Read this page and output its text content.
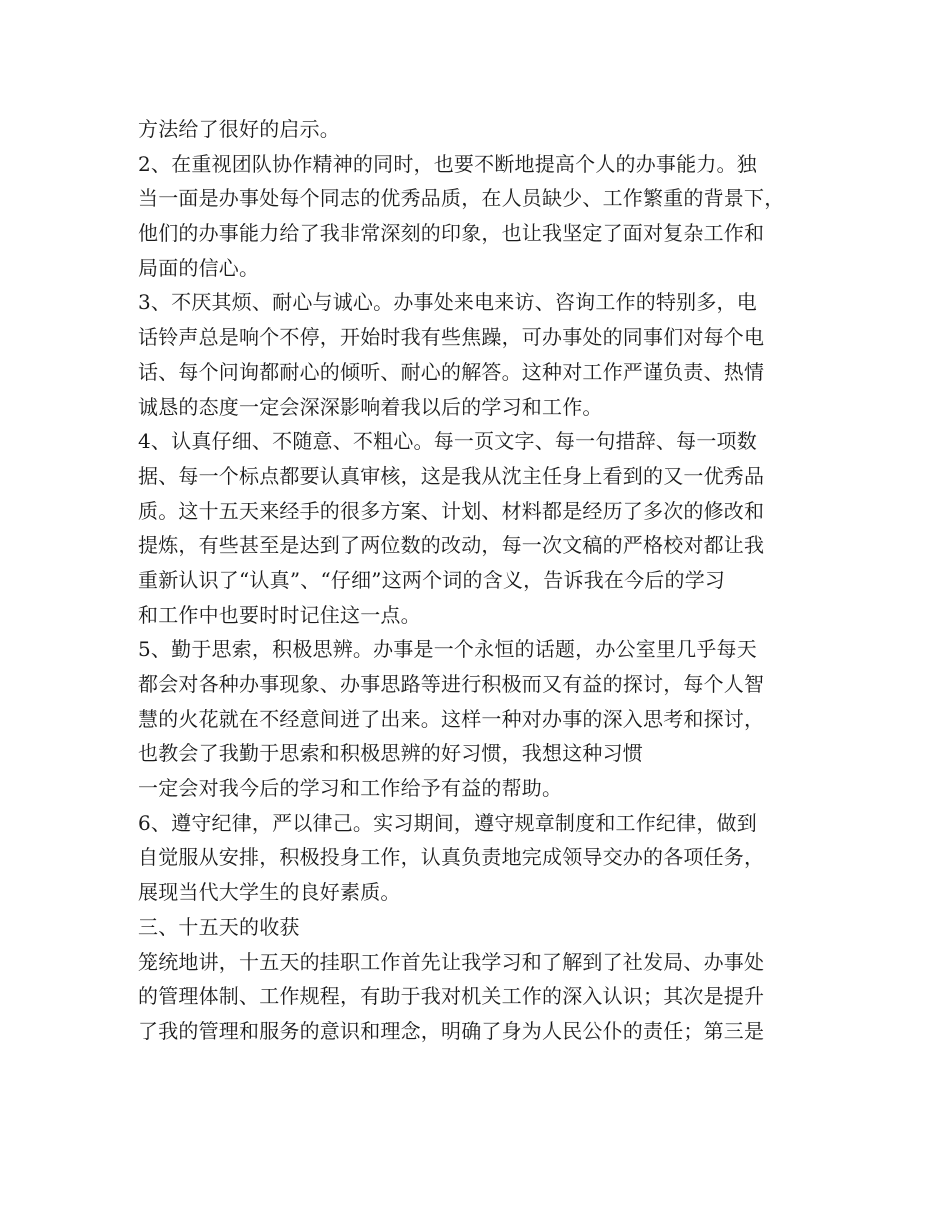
方法给了很好的启示。
2、在重视团队协作精神的同时，也要不断地提高个人的办事能力。独
当一面是办事处每个同志的优秀品质，在人员缺少、工作繁重的背景下，
他们的办事能力给了我非常深刻的印象，也让我坚定了面对复杂工作和
局面的信心。
3、不厌其烦、耐心与诚心。办事处来电来访、咨询工作的特别多，电
话铃声总是响个不停，开始时我有些焦躁，可办事处的同事们对每个电
话、每个问询都耐心的倾听、耐心的解答。这种对工作严谨负责、热情
诚恳的态度一定会深深影响着我以后的学习和工作。
4、认真仔细、不随意、不粗心。每一页文字、每一句措辞、每一项数
据、每一个标点都要认真审核，这是我从沈主任身上看到的又一优秀品
质。这十五天来经手的很多方案、计划、材料都是经历了多次的修改和
提炼，有些甚至是达到了两位数的改动，每一次文稿的严格校对都让我
重新认识了“认真”、“仔细”这两个词的含义，告诉我在今后的学习
和工作中也要时时记住这一点。
5、勤于思索，积极思辨。办事是一个永恒的话题，办公室里几乎每天
都会对各种办事现象、办事思路等进行积极而又有益的探讨，每个人智
慧的火花就在不经意间迸了出来。这样一种对办事的深入思考和探讨，
也教会了我勤于思索和积极思辨的好习惯，我想这种习惯
一定会对我今后的学习和工作给予有益的帮助。
6、遵守纪律，严以律己。实习期间，遵守规章制度和工作纪律，做到
自觉服从安排，积极投身工作，认真负责地完成领导交办的各项任务，
展现当代大学生的良好素质。
三、十五天的收获
笼统地讲，十五天的挂职工作首先让我学习和了解到了社发局、办事处
的管理体制、工作规程，有助于我对机关工作的深入认识；其次是提升
了我的管理和服务的意识和理念，明确了身为人民公仆的责任；第三是
